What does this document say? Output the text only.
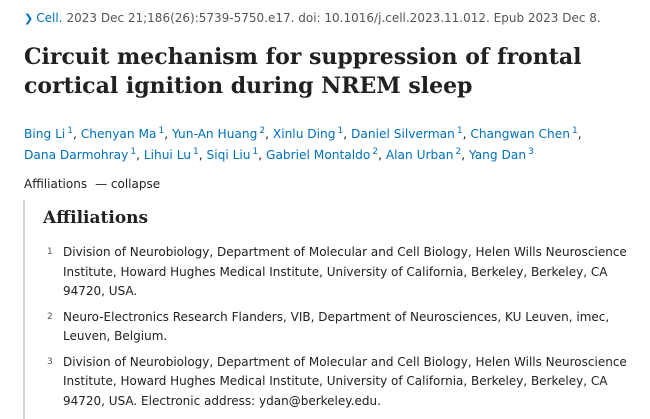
❯ Cell. 2023 Dec 21;186(26):5739-5750.e17. doi: 10.1016/j.cell.2023.11.012. Epub 2023 Dec 8.
Circuit mechanism for suppression of frontal cortical ignition during NREM sleep
Bing Li $^1$, Chenyan Ma $^1$, Yun-An Huang $^2$, Xinlu Ding $^1$, Daniel Silverman $^1$, Changwan Chen $^1$,
Dana Darmohray $^1$, Lihui Lu $^1$, Siqi Liu $^1$, Gabriel Montaldo $^2$, Alan Urban $^2$, Yang Dan $^3$
Affiliations — collapse
Affiliations
1 Division of Neurobiology, Department of Molecular and Cell Biology, Helen Wills Neuroscience Institute, Howard Hughes Medical Institute, University of California, Berkeley, Berkeley, CA 94720, USA.
2 Neuro-Electronics Research Flanders, VIB, Department of Neurosciences, KU Leuven, imec, Leuven, Belgium.
3 Division of Neurobiology, Department of Molecular and Cell Biology, Helen Wills Neuroscience Institute, Howard Hughes Medical Institute, University of California, Berkeley, Berkeley, CA 94720, USA. Electronic address: ydan@berkeley.edu.
